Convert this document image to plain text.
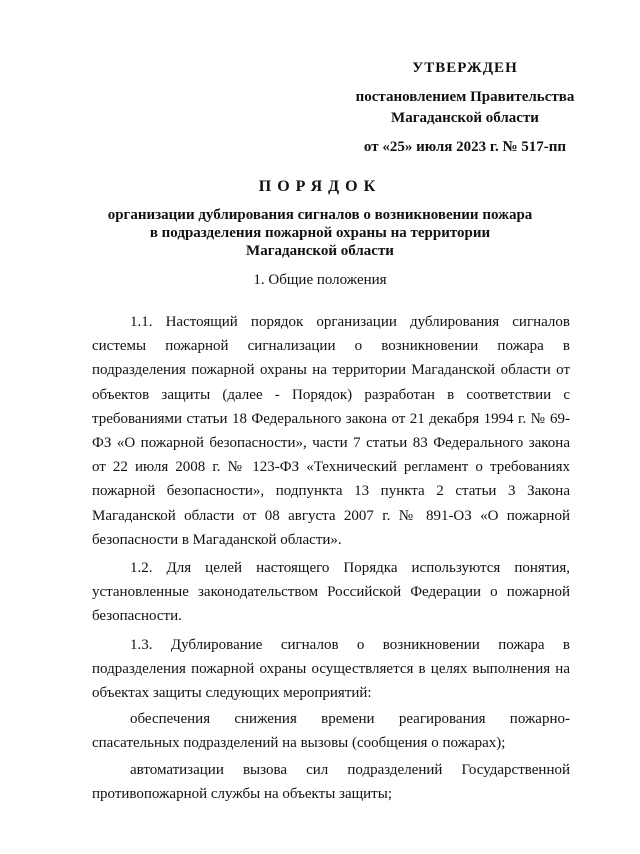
УТВЕРЖДЕН
постановлением Правительства
Магаданской области
от «25» июля 2023 г. № 517-пп
ПОРЯДОК
организации дублирования сигналов о возникновении пожара
в подразделения пожарной охраны на территории
Магаданской области
1. Общие положения

1.1. Настоящий порядок организации дублирования сигналов системы пожарной сигнализации о возникновении пожара в подразделения пожарной охраны на территории Магаданской области от объектов защиты (далее - Порядок) разработан в соответствии с требованиями статьи 18 Федерального закона от 21 декабря 1994 г. № 69-ФЗ «О пожарной безопасности», части 7 статьи 83 Федерального закона от 22 июля 2008 г. № 123-ФЗ «Технический регламент о требованиях пожарной безопасности», подпункта 13 пункта 2 статьи 3 Закона Магаданской области от 08 августа 2007 г. № 891-ОЗ «О пожарной безопасности в Магаданской области».

1.2. Для целей настоящего Порядка используются понятия, установленные законодательством Российской Федерации о пожарной безопасности.

1.3. Дублирование сигналов о возникновении пожара в подразделения пожарной охраны осуществляется в целях выполнения на объектах защиты следующих мероприятий:

обеспечения снижения времени реагирования пожарно-спасательных подразделений на вызовы (сообщения о пожарах);

автоматизации вызова сил подразделений Государственной противопожарной службы на объекты защиты;
